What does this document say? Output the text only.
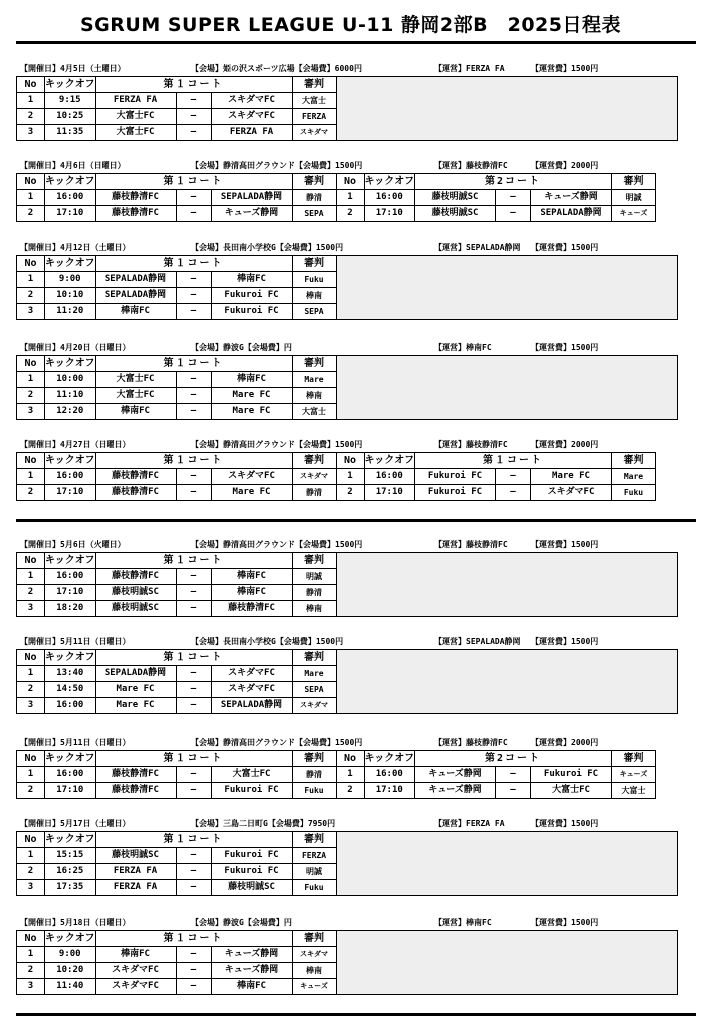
SGRUM SUPER LEAGUE U-11 静岡2部B　2025日程表
【開催日】4月5日（土曜日）	【会場】姫の沢スポーツ広場【会場費】6000円	【運営】FERZA FA	【運営費】1500円
No	キックオフ	第１コート			審判	
1	9:15	FERZA FA	―	スキダマFC	大富士	
2	10:25	大富士FC	―	スキダマFC	FERZA	
3	11:35	大富士FC	―	FERZA FA	スキダマ	
【開催日】4月6日（日曜日）	【会場】静清高田グラウンド【会場費】1500円	【運営】藤枝静清FC	【運営費】2000円
No	キックオフ	第１コート			審判	No	キックオフ	第2コート			審判
1	16:00	藤枝静清FC	―	SEPALADA静岡	静清	1	16:00	藤枝明誠SC	―	キューズ静岡	明誠
2	17:10	藤枝静清FC	―	キューズ静岡	SEPA	2	17:10	藤枝明誠SC	―	SEPALADA静岡	キューズ
【開催日】4月12日（土曜日）	【会場】長田南小学校G【会場費】1500円	【運営】SEPALADA静岡 【運営費】1500円
No	キックオフ	第１コート			審判	
1	9:00	SEPALADA静岡	―	棒南FC	Fuku	
2	10:10	SEPALADA静岡	―	Fukuroi FC	棒南	
3	11:20	棒南FC	―	Fukuroi FC	SEPA	
【開催日】4月20日（日曜日）	【会場】静波G【会場費】円	【運営】棒南FC	【運営費】1500円
No	キックオフ	第１コート			審判	
1	10:00	大富士FC	―	棒南FC	Mare	
2	11:10	大富士FC	―	Mare FC	棒南	
3	12:20	棒南FC	―	Mare FC	大富士	
【開催日】4月27日（日曜日）	【会場】静清高田グラウンド【会場費】1500円	【運営】藤枝静清FC	【運営費】2000円
No	キックオフ	第１コート			審判	No	キックオフ	第１コート			審判
1	16:00	藤枝静清FC	―	スキダマFC	スキダマ	1	16:00	Fukuroi FC	―	Mare FC	Mare
2	17:10	藤枝静清FC	―	Mare FC	静清	2	17:10	Fukuroi FC	―	スキダマFC	Fuku
【開催日】5月6日（火曜日）	【会場】静清高田グラウンド【会場費】1500円	【運営】藤枝静清FC	【運営費】1500円
No	キックオフ	第１コート			審判	
1	16:00	藤枝静清FC	―	棒南FC	明誠	
2	17:10	藤枝明誠SC	―	棒南FC	静清	
3	18:20	藤枝明誠SC	―	藤枝静清FC	棒南	
【開催日】5月11日（日曜日）	【会場】長田南小学校G【会場費】1500円	【運営】SEPALADA静岡 【運営費】1500円
No	キックオフ	第１コート			審判	
1	13:40	SEPALADA静岡	―	スキダマFC	Mare	
2	14:50	Mare FC	―	スキダマFC	SEPA	
3	16:00	Mare FC	―	SEPALADA静岡	スキダマ	
【開催日】5月11日（日曜日）	【会場】静清高田グラウンド【会場費】1500円	【運営】藤枝静清FC	【運営費】2000円
No	キックオフ	第１コート			審判	No	キックオフ	第2コート			審判
1	16:00	藤枝静清FC	―	大富士FC	静清	1	16:00	キューズ静岡	―	Fukuroi FC	キューズ
2	17:10	藤枝静清FC	―	Fukuroi FC	Fuku	2	17:10	キューズ静岡	―	大富士FC	大富士
【開催日】5月17日（土曜日）	【会場】三島二日町G【会場費】7950円	【運営】FERZA FA	【運営費】1500円
No	キックオフ	第１コート			審判	
1	15:15	藤枝明誠SC	―	Fukuroi FC	FERZA	
2	16:25	FERZA FA	―	Fukuroi FC	明誠	
3	17:35	FERZA FA	―	藤枝明誠SC	Fuku	
【開催日】5月18日（日曜日）	【会場】静波G【会場費】円	【運営】棒南FC	【運営費】1500円
No	キックオフ	第１コート			審判	
1	9:00	棒南FC	―	キューズ静岡	スキダマ	
2	10:20	スキダマFC	―	キューズ静岡	棒南	
3	11:40	スキダマFC	―	棒南FC	キューズ	
